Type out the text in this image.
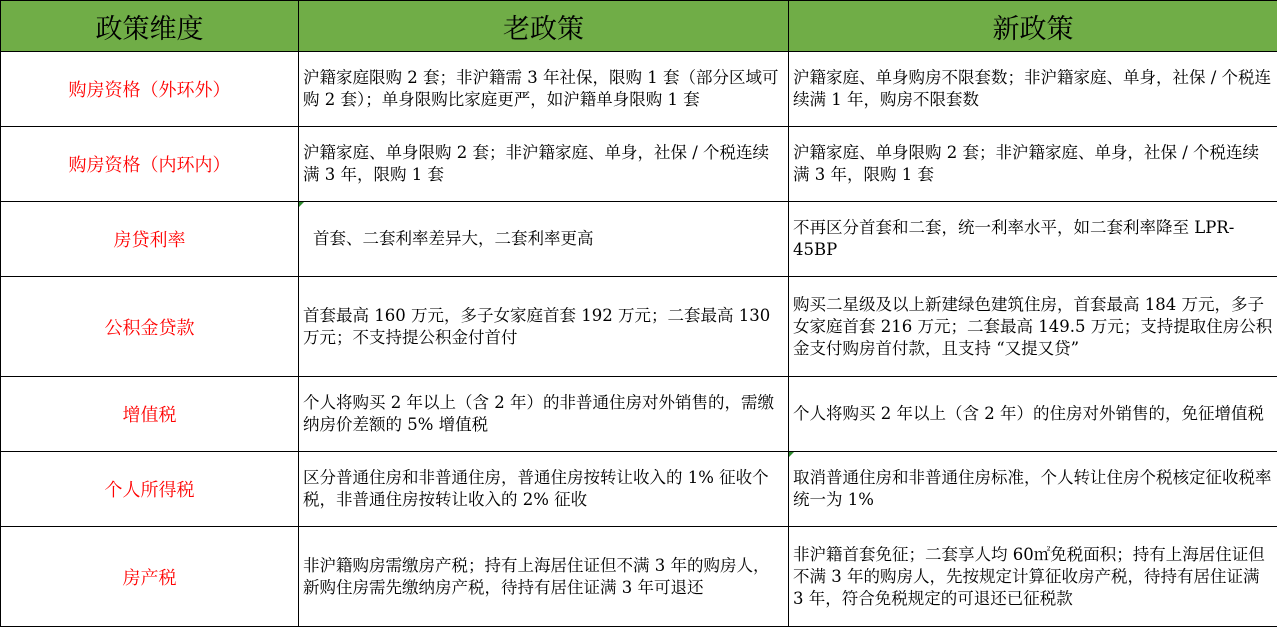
政策维度	老政策	新政策
购房资格（外环外）	沪籍家庭限购 2 套；非沪籍需 3 年社保，限购 1 套（部分区域可购 2 套）；单身限购比家庭更严，如沪籍单身限购 1 套	沪籍家庭、单身购房不限套数；非沪籍家庭、单身，社保 / 个税连续满 1 年，购房不限套数
购房资格（内环内）	沪籍家庭、单身限购 2 套；非沪籍家庭、单身，社保 / 个税连续满 3 年，限购 1 套	沪籍家庭、单身限购 2 套；非沪籍家庭、单身，社保 / 个税连续满 3 年，限购 1 套
房贷利率	首套、二套利率差异大，二套利率更高	不再区分首套和二套，统一利率水平，如二套利率降至 LPR-45BP
公积金贷款	首套最高 160 万元，多子女家庭首套 192 万元；二套最高 130 万元；不支持提公积金付首付	购买二星级及以上新建绿色建筑住房，首套最高 184 万元，多子女家庭首套 216 万元；二套最高 149.5 万元；支持提取住房公积金支付购房首付款，且支持 “又提又贷”
增值税	个人将购买 2 年以上（含 2 年）的非普通住房对外销售的，需缴纳房价差额的 5% 增值税	个人将购买 2 年以上（含 2 年）的住房对外销售的，免征增值税
个人所得税	区分普通住房和非普通住房，普通住房按转让收入的 1% 征收个税，非普通住房按转让收入的 2% 征收	取消普通住房和非普通住房标准，个人转让住房个税核定征收税率统一为 1%
房产税	非沪籍购房需缴房产税；持有上海居住证但不满 3 年的购房人，新购住房需先缴纳房产税，待持有居住证满 3 年可退还	非沪籍首套免征；二套享人均 60㎡免税面积；持有上海居住证但不满 3 年的购房人，先按规定计算征收房产税，待持有居住证满 3 年，符合免税规定的可退还已征税款
